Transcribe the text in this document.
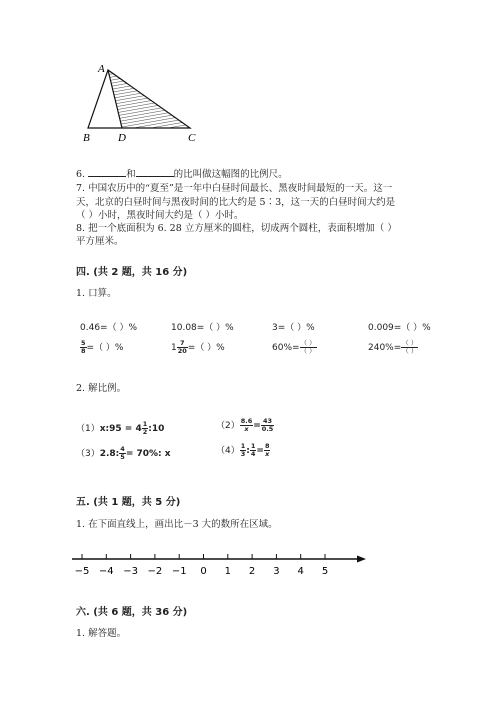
A
B	D	C
6.	和	的比叫做这幅图的比例尺。
7. 中国农历中的“夏至”是一年中白昼时间最长、黑夜时间最短的一天。这一
天，北京的白昼时间与黑夜时间的比大约是 5∶3，这一天的白昼时间大约是
（ ）小时，黑夜时间大约是（ ）小时。
8. 把一个底面积为 6. 28 立方厘米的圆柱，切成两个圆柱，表面积增加（ ）
平方厘米。
四. (共 2 题，共 16 分)
1. 口算。
0.46=（ ）%	10.08=（ ）%	3=（ ）%	0.009=（ ）%
$\frac{5}{8}$ =（ ）%	$1 \frac{7}{20}$ =（ ）%	$60\%= \frac{( )}{( )}$	$240\%= \frac{( )}{( )}$
2. 解比例。
（1）x:95 = $4 \frac{1}{2}$ :10	$(2) \frac{8.6}{x} = \frac{43}{0.5}$
（3）2.8: $\frac{4}{5} = 70\%$: x	$(4) \frac{1}{3}$ : $\frac{1}{4} = \frac{8}{x}$
五. (共 1 题，共 5 分)
1. 在下面直线上，画出比－3 大的数所在区域。
−5 −4 −3 −2 −1 0 1 2 3 4 5
六. (共 6 题，共 36 分)
1. 解答题。
